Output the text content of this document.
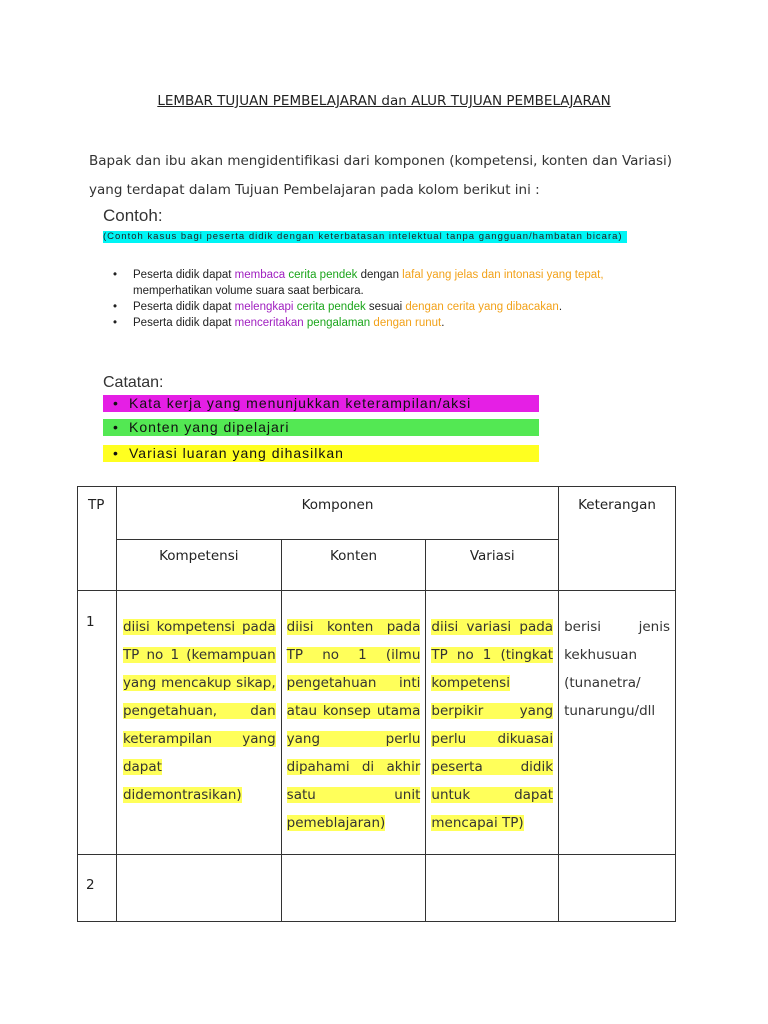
LEMBAR TUJUAN PEMBELAJARAN dan ALUR TUJUAN PEMBELAJARAN
Bapak dan ibu akan mengidentifikasi dari komponen (kompetensi, konten dan Variasi)
yang terdapat dalam Tujuan Pembelajaran pada kolom berikut ini :
Contoh:
(Contoh kasus bagi peserta didik dengan keterbatasan intelektual tanpa gangguan/hambatan bicara)
• Peserta didik dapat membaca cerita pendek dengan lafal yang jelas dan intonasi yang tepat,
memperhatikan volume suara saat berbicara.
• Peserta didik dapat melengkapi cerita pendek sesuai dengan cerita yang dibacakan.
• Peserta didik dapat menceritakan pengalaman dengan runut.
Catatan:
• Kata kerja yang menunjukkan keterampilan/aksi
• Konten yang dipelajari
• Variasi luaran yang dihasilkan
TP	Komponen			Keterangan
	Kompetensi	Konten	Variasi	
1	diisi kompetensi pada TP no 1 (kemampuan yang mencakup sikap, pengetahuan, dan keterampilan yang dapat didemontrasikan)	diisi konten pada TP no 1 (ilmu pengetahuan inti atau konsep utama yang perlu dipahami di akhir satu unit pemeblajaran)	diisi variasi pada TP no 1 (tingkat kompetensi berpikir yang perlu dikuasai peserta didik untuk dapat mencapai TP)	berisi jenis kekhusuan (tunanetra/ tunarungu/dll
2				
